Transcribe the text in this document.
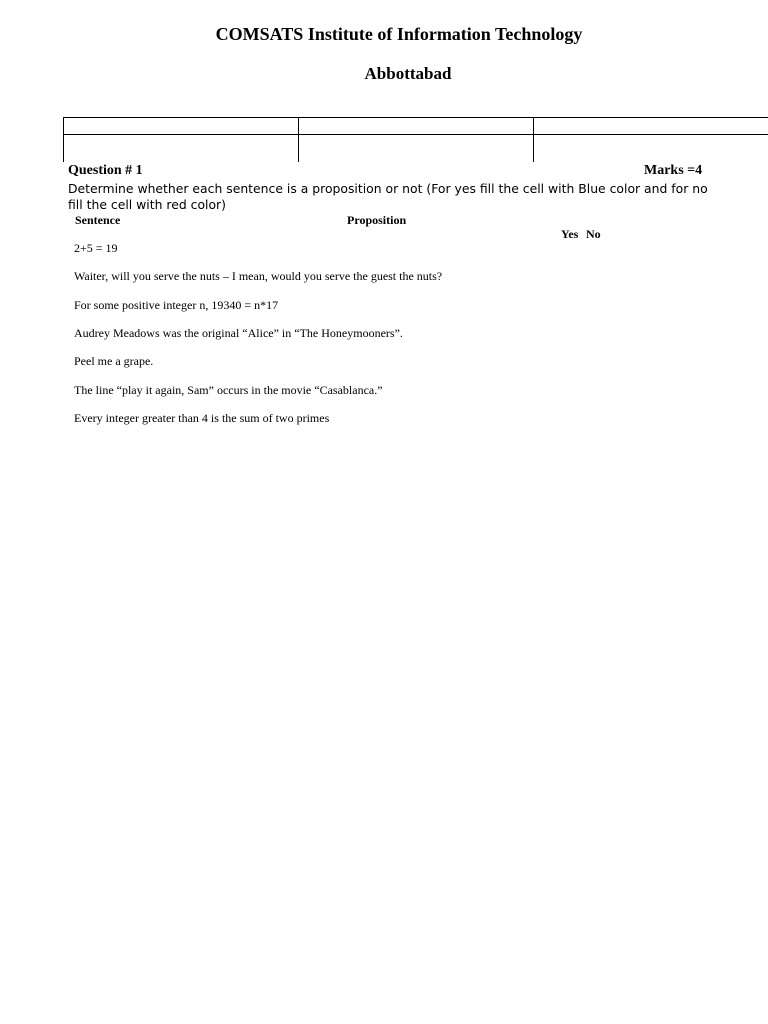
COMSATS Institute of Information Technology
Abbottabad

Question # 1	Marks =4
Determine whether each sentence is a proposition or not (For yes fill the cell with Blue color and for no fill the cell with red color)
Sentence	Proposition
Yes No
2+5 = 19
Waiter, will you serve the nuts – I mean, would you serve the guest the nuts?
For some positive integer n, 19340 = n*17
Audrey Meadows was the original “Alice” in “The Honeymooners”.
Peel me a grape.
The line “play it again, Sam” occurs in the movie “Casablanca.”
Every integer greater than 4 is the sum of two primes
